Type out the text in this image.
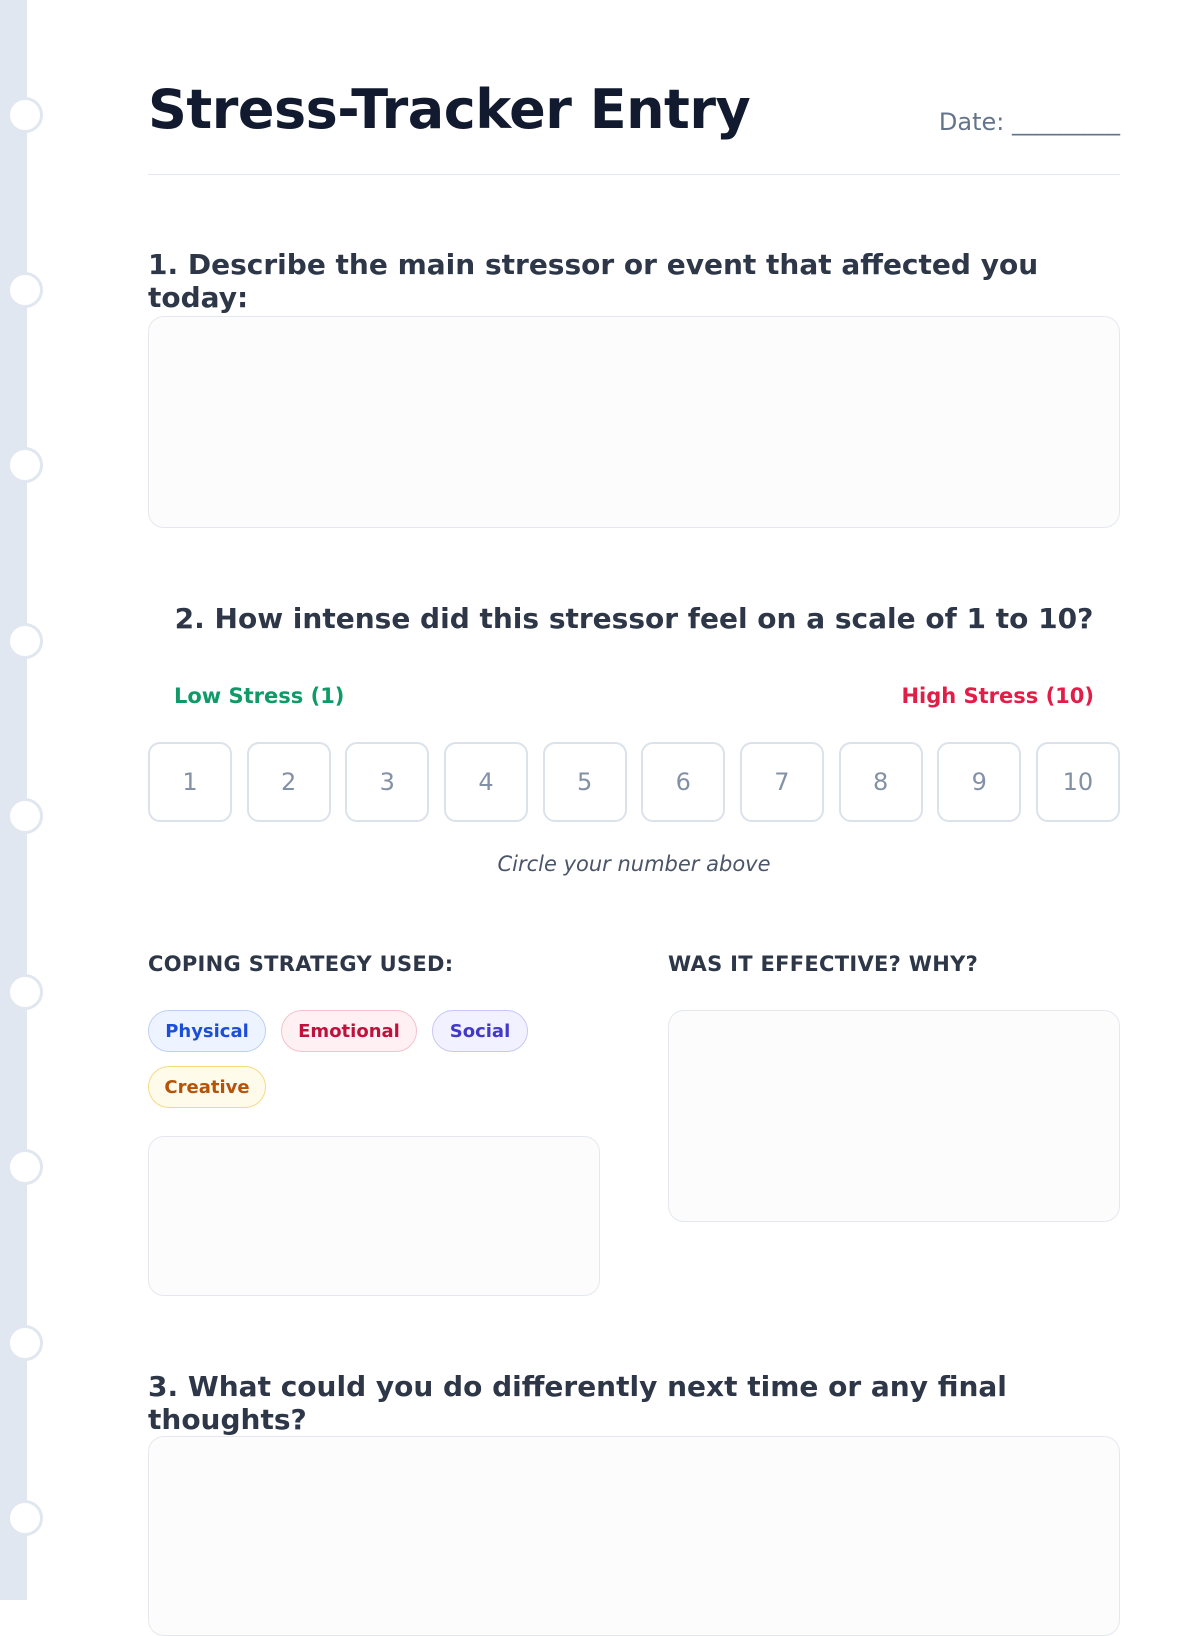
Stress-Tracker Entry	Date: _________
1. Describe the main stressor or event that affected you today:
2. How intense did this stressor feel on a scale of 1 to 10?
Low Stress (1)	High Stress (10)
1	2	3	4	5	6	7	8	9	10
Circle your number above
COPING STRATEGY USED:
Physical	Emotional	Social
Creative
WAS IT EFFECTIVE? WHY?
3. What could you do differently next time or any final thoughts?
